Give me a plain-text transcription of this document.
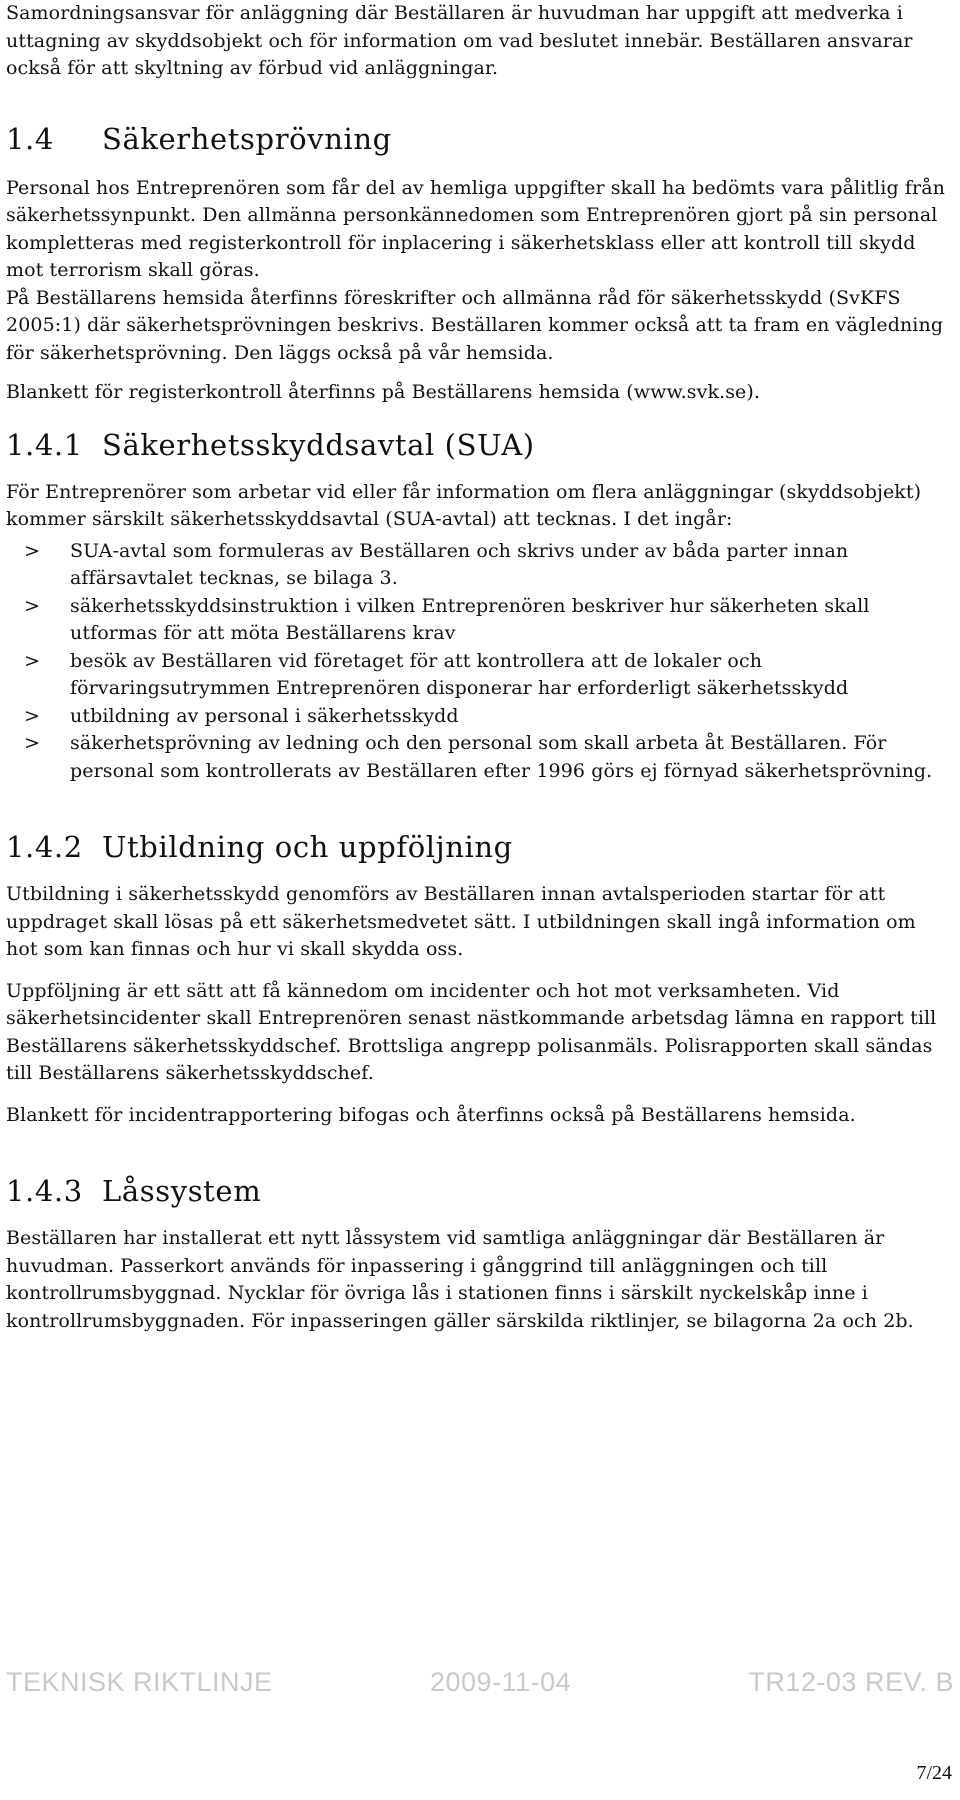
Samordningsansvar för anläggning där Beställaren är huvudman har uppgift att medverka i uttagning av skyddsobjekt och för information om vad beslutet innebär. Beställaren ansvarar också för att skyltning av förbud vid anläggningar.

1.4 Säkerhetsprövning

Personal hos Entreprenören som får del av hemliga uppgifter skall ha bedömts vara pålitlig från säkerhetssynpunkt. Den allmänna personkännedomen som Entreprenören gjort på sin personal kompletteras med registerkontroll för inplacering i säkerhetsklass eller att kontroll till skydd mot terrorism skall göras.

På Beställarens hemsida återfinns föreskrifter och allmänna råd för säkerhetsskydd (SvKFS 2005:1) där säkerhetsprövningen beskrivs. Beställaren kommer också att ta fram en vägledning för säkerhetsprövning. Den läggs också på vår hemsida.

Blankett för registerkontroll återfinns på Beställarens hemsida (www.svk.se).

1.4.1 Säkerhetsskyddsavtal (SUA)

För Entreprenörer som arbetar vid eller får information om flera anläggningar (skyddsobjekt) kommer särskilt säkerhetsskyddsavtal (SUA-avtal) att tecknas. I det ingår:

> SUA-avtal som formuleras av Beställaren och skrivs under av båda parter innan affärsavtalet tecknas, se bilaga 3.
> säkerhetsskyddsinstruktion i vilken Entreprenören beskriver hur säkerheten skall utformas för att möta Beställarens krav
> besök av Beställaren vid företaget för att kontrollera att de lokaler och förvaringsutrymmen Entreprenören disponerar har erforderligt säkerhetsskydd
> utbildning av personal i säkerhetsskydd
> säkerhetsprövning av ledning och den personal som skall arbeta åt Beställaren. För personal som kontrollerats av Beställaren efter 1996 görs ej förnyad säkerhetsprövning.
1.4.2 Utbildning och uppföljning

Utbildning i säkerhetsskydd genomförs av Beställaren innan avtalsperioden startar för att uppdraget skall lösas på ett säkerhetsmedvetet sätt. I utbildningen skall ingå information om hot som kan finnas och hur vi skall skydda oss.

Uppföljning är ett sätt att få kännedom om incidenter och hot mot verksamheten. Vid säkerhetsincidenter skall Entreprenören senast nästkommande arbetsdag lämna en rapport till Beställarens säkerhetsskyddschef. Brottsliga angrepp polisanmäls. Polisrapporten skall sändas till Beställarens säkerhetsskyddschef.

Blankett för incidentrapportering bifogas och återfinns också på Beställarens hemsida.

1.4.3 Låssystem

Beställaren har installerat ett nytt låssystem vid samtliga anläggningar där Beställaren är huvudman. Passerkort används för inpassering i gånggrind till anläggningen och till kontrollrumsbyggnad. Nycklar för övriga lås i stationen finns i särskilt nyckelskåp inne i kontrollrumsbyggnaden. För inpasseringen gäller särskilda riktlinjer, se bilagorna 2a och 2b.

TEKNISK RIKTLINJE	2009-11-04	TR12-03 REV. B
7/24
